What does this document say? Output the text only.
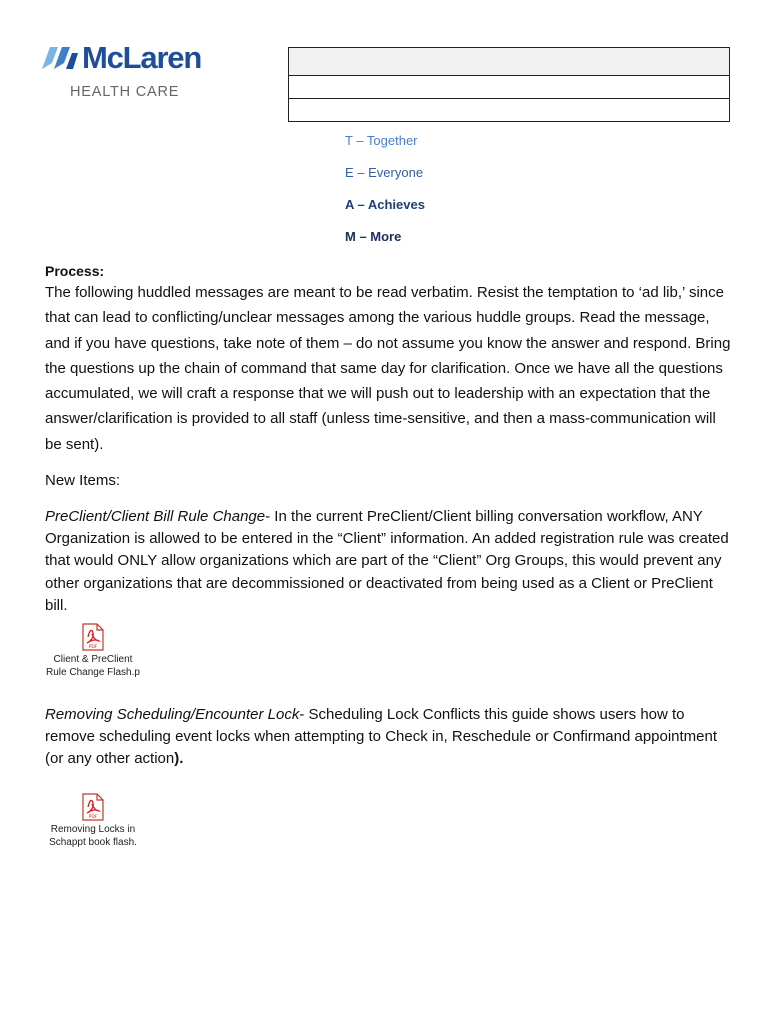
McLaren
HEALTH CARE

T – Together
E – Everyone
A – Achieves
M – More
Process:

The following huddled messages are meant to be read verbatim. Resist the temptation to ‘ad lib,’ since that can lead to conflicting/unclear messages among the various huddle groups. Read the message, and if you have questions, take note of them – do not assume you know the answer and respond. Bring the questions up the chain of command that same day for clarification. Once we have all the questions accumulated, we will craft a response that we will push out to leadership with an expectation that the answer/clarification is provided to all staff (unless time-sensitive, and then a mass-communication will be sent).

New Items:

PreClient/Client Bill Rule Change- In the current PreClient/Client billing conversation workflow, ANY Organization is allowed to be entered in the “Client” information. An added registration rule was created that would ONLY allow organizations which are part of the “Client” Org Groups, this would prevent any other organizations that are decommissioned or deactivated from being used as a Client or PreClient bill.

PDF
Client & PreClient
Rule Change Flash.p

Removing Scheduling/Encounter Lock- Scheduling Lock Conflicts this guide shows users how to remove scheduling event locks when attempting to Check in, Reschedule or Confirmand appointment (or any other action).

PDF
Removing Locks in
Schappt book flash.
